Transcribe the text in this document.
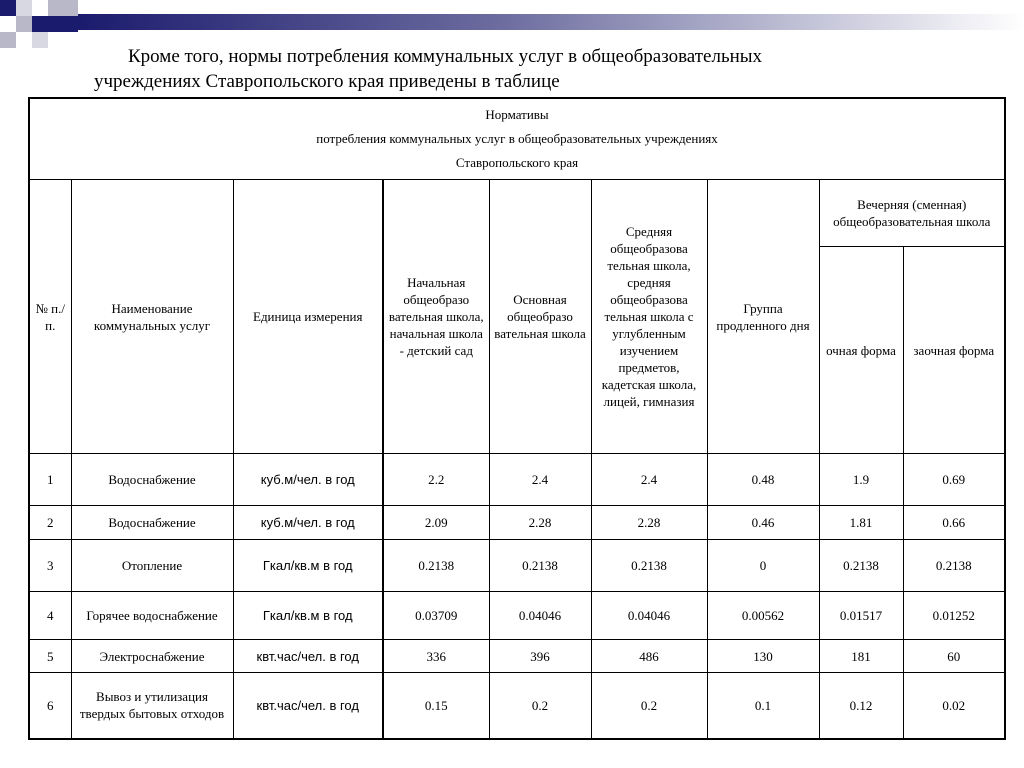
Кроме того, нормы потребления коммунальных услуг в общеобразовательных
учреждениях Ставропольского края приведены в таблице
Нормативы
потребления коммунальных услуг в общеобразовательных учреждениях
Ставропольского края								

№ п./ п.	Наименование коммунальных услуг	Единица измерения	Начальная общеобразо вательная школа, начальная школа - детский сад	Основная общеобразо вательная школа	Средняя общеобразова тельная школа, средняя общеобразова тельная школа с углубленным изучением предметов, кадетская школа, лицей, гимназия	Группа продленного дня	Вечерняя (сменная) общеобразовательная школа	
							очная форма	заочная форма
1	Водоснабжение	куб.м/чел. в год	2.2	2.4	2.4	0.48	1.9	0.69
2	Водоснабжение	куб.м/чел. в год	2.09	2.28	2.28	0.46	1.81	0.66
3	Отопление	Гкал/кв.м в год	0.2138	0.2138	0.2138	0	0.2138	0.2138
4	Горячее водоснабжение	Гкал/кв.м в год	0.03709	0.04046	0.04046	0.00562	0.01517	0.01252
5	Электроснабжение	квт.час/чел. в год	336	396	486	130	181	60
6	Вывоз и утилизация твердых бытовых отходов	квт.час/чел. в год	0.15	0.2	0.2	0.1	0.12	0.02
